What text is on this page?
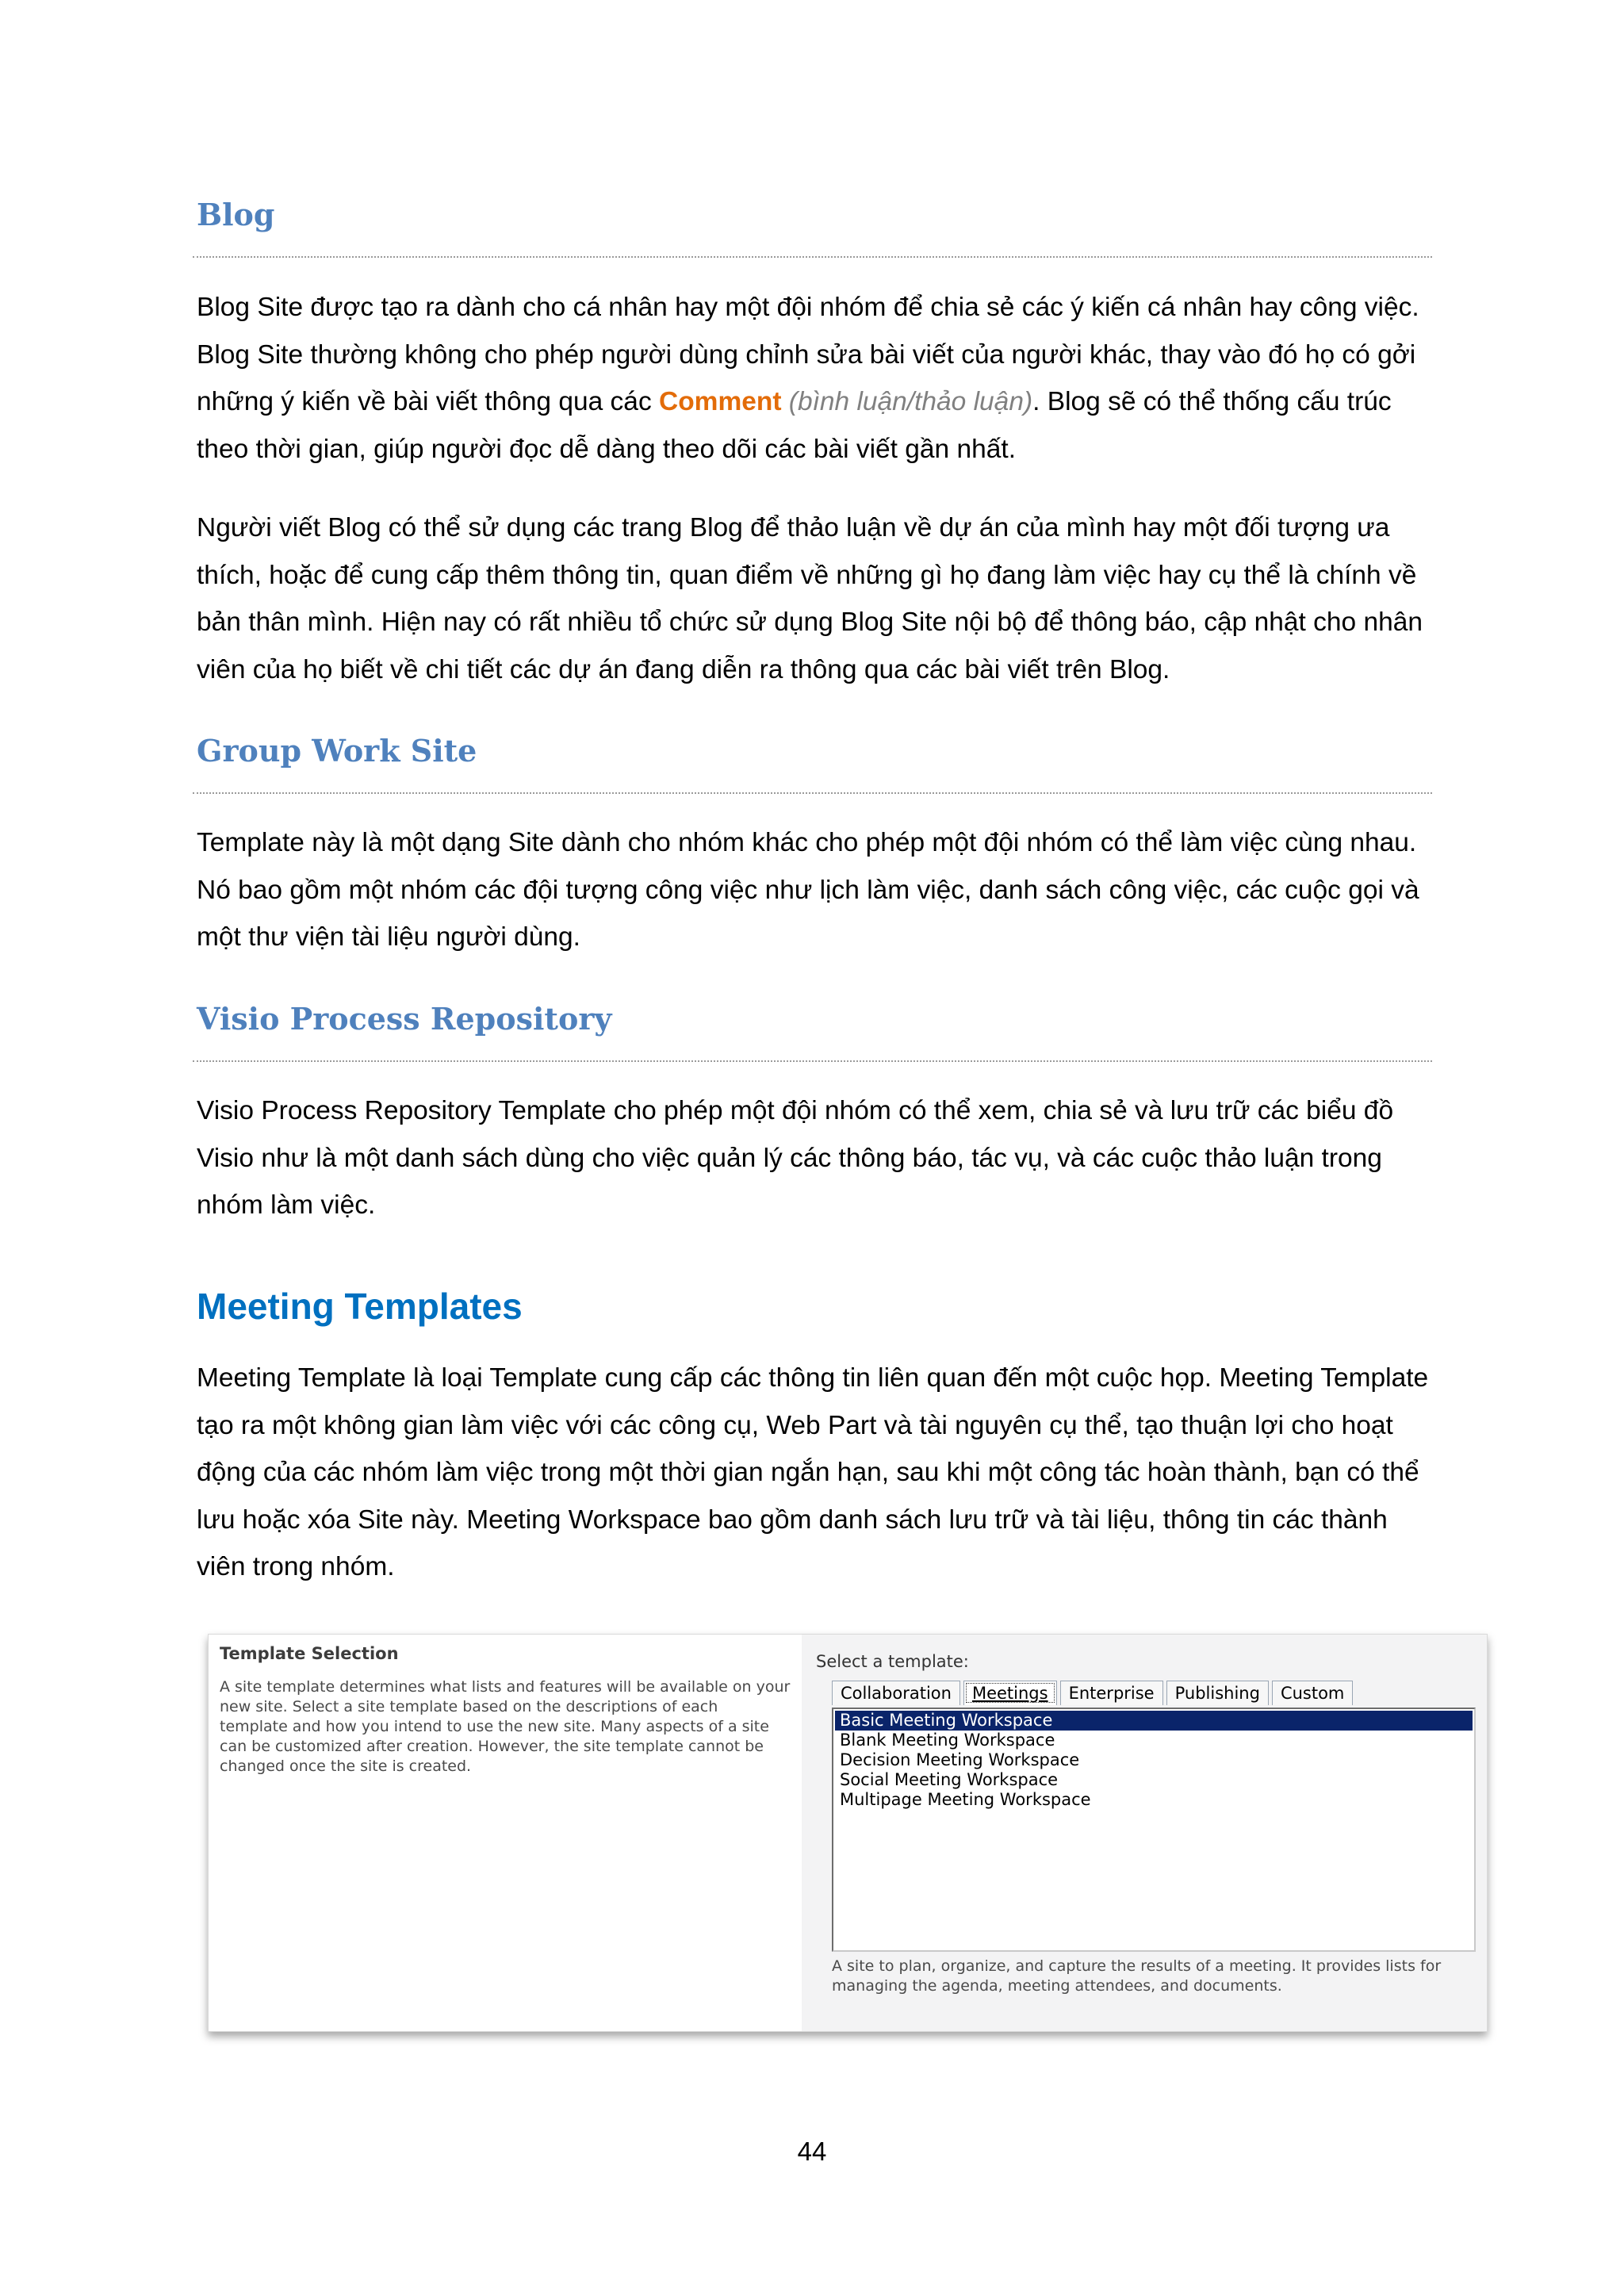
Blog

Blog Site được tạo ra dành cho cá nhân hay một đội nhóm để chia sẻ các ý kiến cá nhân hay công việc. Blog Site thường không cho phép người dùng chỉnh sửa bài viết của người khác, thay vào đó họ có gởi những ý kiến về bài viết thông qua các Comment (bình luận/thảo luận). Blog sẽ có thể thống cấu trúc theo thời gian, giúp người đọc dễ dàng theo dõi các bài viết gần nhất.

Người viết Blog có thể sử dụng các trang Blog để thảo luận về dự án của mình hay một đối tượng ưa thích, hoặc để cung cấp thêm thông tin, quan điểm về những gì họ đang làm việc hay cụ thể là chính về bản thân mình. Hiện nay có rất nhiều tổ chức sử dụng Blog Site nội bộ để thông báo, cập nhật cho nhân viên của họ biết về chi tiết các dự án đang diễn ra thông qua các bài viết trên Blog.

Group Work Site

Template này là một dạng Site dành cho nhóm khác cho phép một đội nhóm có thể làm việc cùng nhau. Nó bao gồm một nhóm các đội tượng công việc như lịch làm việc, danh sách công việc, các cuộc gọi và một thư viện tài liệu người dùng.

Visio Process Repository

Visio Process Repository Template cho phép một đội nhóm có thể xem, chia sẻ và lưu trữ các biểu đồ Visio như là một danh sách dùng cho việc quản lý các thông báo, tác vụ, và các cuộc thảo luận trong nhóm làm việc.

Meeting Templates

Meeting Template là loại Template cung cấp các thông tin liên quan đến một cuộc họp. Meeting Template tạo ra một không gian làm việc với các công cụ, Web Part và tài nguyên cụ thể, tạo thuận lợi cho hoạt động của các nhóm làm việc trong một thời gian ngắn hạn, sau khi một công tác hoàn thành, bạn có thể lưu hoặc xóa Site này. Meeting Workspace bao gồm danh sách lưu trữ và tài liệu, thông tin các thành viên trong nhóm.

Template Selection

A site template determines what lists and features will be available on your new site. Select a site template based on the descriptions of each template and how you intend to use the new site. Many aspects of a site can be customized after creation. However, the site template cannot be changed once the site is created.

Select a template:
Collaboration	Meetings	Enterprise	Publishing	Custom
Basic Meeting Workspace
Blank Meeting Workspace
Decision Meeting Workspace
Social Meeting Workspace
Multipage Meeting Workspace

A site to plan, organize, and capture the results of a meeting. It provides lists for managing the agenda, meeting attendees, and documents.

44
